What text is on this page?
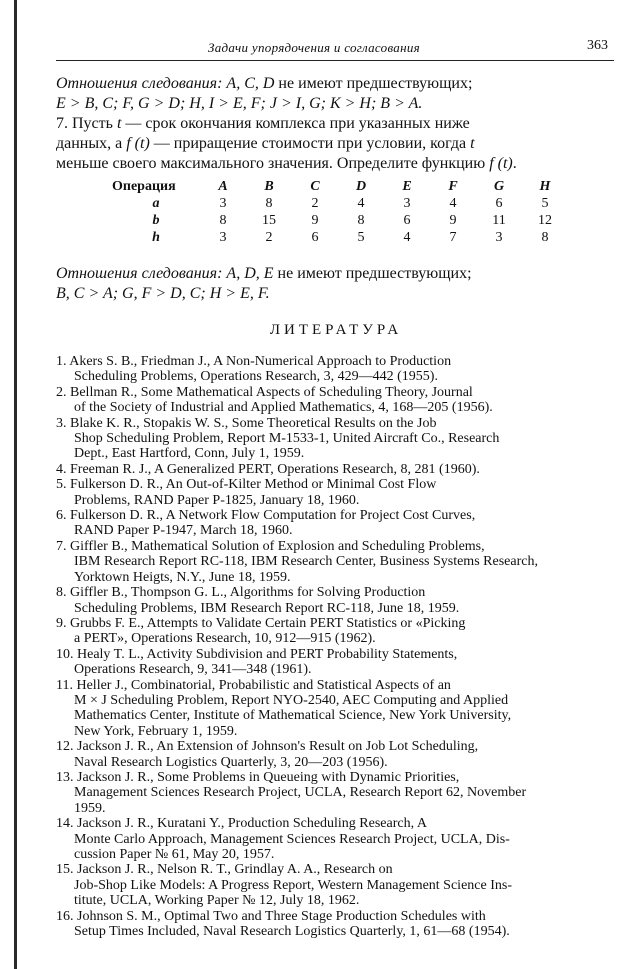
Задачи упорядочения и согласования	363
Отношения следования: A, C, D не имеют предшествующих;
E > B, C; F, G > D; H, I > E, F; J > I, G; K > H; B > A.
7. Пусть t — срок окончания комплекса при указанных ниже
данных, а f (t) — приращение стоимости при условии, когда t
меньше своего максимального значения. Определите функцию f (t).
Операция	A	B	C	D	E	F	G	H
a	3	8	2	4	3	4	6	5
b	8	15	9	8	6	9	11	12
h	3	2	6	5	4	7	3	8
Отношения следования: A, D, E не имеют предшествующих;
B, C > A; G, F > D, C; H > E, F.
ЛИТЕРАТУРА
1. Akers S. B., Friedman J., A Non-Numerical Approach to Production
Scheduling Problems, Operations Research, 3, 429—442 (1955).
2. Bellman R., Some Mathematical Aspects of Scheduling Theory, Journal
of the Society of Industrial and Applied Mathematics, 4, 168—205 (1956).
3. Blake K. R., Stopakis W. S., Some Theoretical Results on the Job
Shop Scheduling Problem, Report M-1533-1, United Aircraft Co., Research
Dept., East Hartford, Conn, July 1, 1959.
4. Freeman R. J., A Generalized PERT, Operations Research, 8, 281 (1960).
5. Fulkerson D. R., An Out-of-Kilter Method or Minimal Cost Flow
Problems, RAND Paper P-1825, January 18, 1960.
6. Fulkerson D. R., A Network Flow Computation for Project Cost Curves,
RAND Paper P-1947, March 18, 1960.
7. Giffler B., Mathematical Solution of Explosion and Scheduling Problems,
IBM Research Report RC-118, IBM Research Center, Business Systems Research,
Yorktown Heigts, N.Y., June 18, 1959.
8. Giffler B., Thompson G. L., Algorithms for Solving Production
Scheduling Problems, IBM Research Report RC-118, June 18, 1959.
9. Grubbs F. E., Attempts to Validate Certain PERT Statistics or «Picking
a PERT», Operations Research, 10, 912—915 (1962).
10. Healy T. L., Activity Subdivision and PERT Probability Statements,
Operations Research, 9, 341—348 (1961).
11. Heller J., Combinatorial, Probabilistic and Statistical Aspects of an
M × J Scheduling Problem, Report NYO-2540, AEC Computing and Applied
Mathematics Center, Institute of Mathematical Science, New York University,
New York, February 1, 1959.
12. Jackson J. R., An Extension of Johnson's Result on Job Lot Scheduling,
Naval Research Logistics Quarterly, 3, 20—203 (1956).
13. Jackson J. R., Some Problems in Queueing with Dynamic Priorities,
Management Sciences Research Project, UCLA, Research Report 62, November
1959.
14. Jackson J. R., Kuratani Y., Production Scheduling Research, A
Monte Carlo Approach, Management Sciences Research Project, UCLA, Dis-
cussion Paper № 61, May 20, 1957.
15. Jackson J. R., Nelson R. T., Grindlay A. A., Research on
Job-Shop Like Models: A Progress Report, Western Management Science Ins-
titute, UCLA, Working Paper № 12, July 18, 1962.
16. Johnson S. M., Optimal Two and Three Stage Production Schedules with
Setup Times Included, Naval Research Logistics Quarterly, 1, 61—68 (1954).
